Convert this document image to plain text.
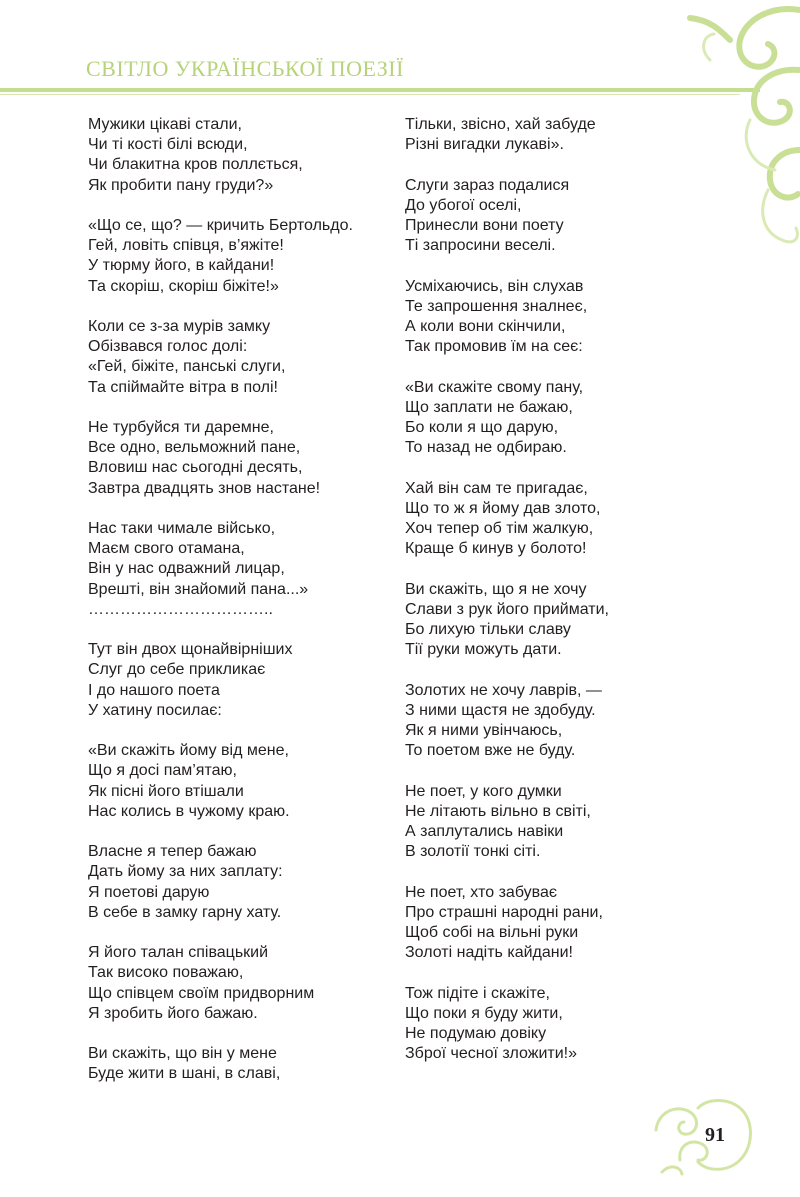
СВІТЛО УКРАЇНСЬКОЇ ПОЕЗІЇ
91
Мужики цікаві стали,
Чи ті кості білі всюди,
Чи блакитна кров поллється,
Як пробити пану груди?»
«Що се, що? — кричить Бертольдо.
Гей, ловіть співця, в’яжіте!
У тюрму його, в кайдани!
Та скоріш, скоріш біжіте!»
Коли се з-за мурів замку
Обізвався голос долі:
«Гей, біжіте, панські слуги,
Та спіймайте вітра в полі!
Не турбуйся ти даремне,
Все одно, вельможний пане,
Вловиш нас сьогодні десять,
Завтра двадцять знов настане!
Нас таки чимале військо,
Маєм свого отамана,
Він у нас одважний лицар,
Врешті, він знайомий пана...»
……………………………..
Тут він двох щонайвірніших
Слуг до себе прикликає
І до нашого поета
У хатину посилає:
«Ви скажіть йому від мене,
Що я досі пам’ятаю,
Як пісні його втішали
Нас колись в чужому краю.
Власне я тепер бажаю
Дать йому за них заплату:
Я поетові дарую
В себе в замку гарну хату.
Я його талан співацький
Так високо поважаю,
Що співцем своїм придворним
Я зробить його бажаю.
Ви скажіть, що він у мене
Буде жити в шані, в славі,
Тільки, звісно, хай забуде
Різні вигадки лукаві».
Слуги зараз подалися
До убогої оселі,
Принесли вони поету
Ті запросини веселі.
Усміхаючись, він слухав
Те запрошення зналнеє,
А коли вони скінчили,
Так промовив їм на сеє:
«Ви скажіте свому пану,
Що заплати не бажаю,
Бо коли я що дарую,
То назад не одбираю.
Хай він сам те пригадає,
Що то ж я йому дав злото,
Хоч тепер об тім жалкую,
Краще б кинув у болото!
Ви скажіть, що я не хочу
Слави з рук його приймати,
Бо лихую тільки славу
Тії руки можуть дати.
Золотих не хочу лаврів, —
З ними щастя не здобуду.
Як я ними увінчаюсь,
То поетом вже не буду.
Не поет, у кого думки
Не літають вільно в світі,
А заплутались навіки
В золотії тонкі сіті.
Не поет, хто забуває
Про страшні народні рани,
Щоб собі на вільні руки
Золоті надіть кайдани!
Тож підіте і скажіте,
Що поки я буду жити,
Не подумаю довіку
Зброї чесної зложити!»
